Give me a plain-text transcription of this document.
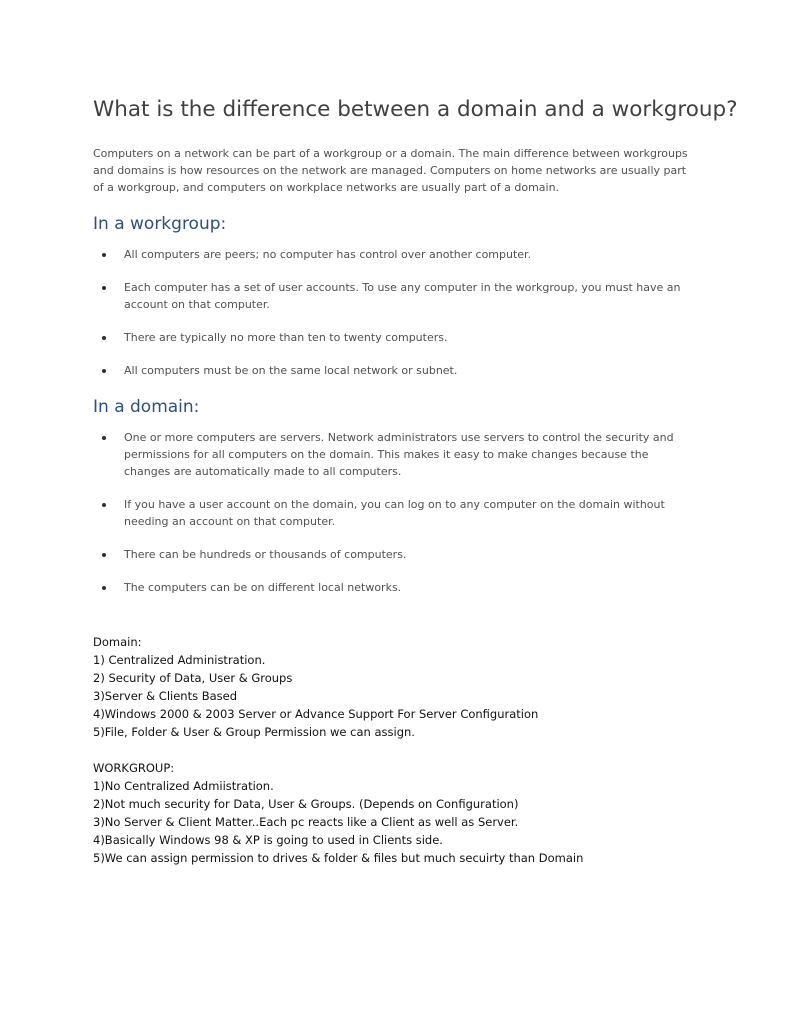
What is the difference between a domain and a workgroup?

Computers on a network can be part of a workgroup or a domain. The main difference between workgroups and domains is how resources on the network are managed. Computers on home networks are usually part of a workgroup, and computers on workplace networks are usually part of a domain.

In a workgroup:
All computers are peers; no computer has control over another computer.
Each computer has a set of user accounts. To use any computer in the workgroup, you must have an account on that computer.
There are typically no more than ten to twenty computers.
All computers must be on the same local network or subnet.
In a domain:
One or more computers are servers. Network administrators use servers to control the security and permissions for all computers on the domain. This makes it easy to make changes because the changes are automatically made to all computers.
If you have a user account on the domain, you can log on to any computer on the domain without needing an account on that computer.
There can be hundreds or thousands of computers.
The computers can be on different local networks.
Domain:
1) Centralized Administration.
2) Security of Data, User & Groups
3)Server & Clients Based
4)Windows 2000 & 2003 Server or Advance Support For Server Configuration
5)File, Folder & User & Group Permission we can assign.
WORKGROUP:
1)No Centralized Admiistration.
2)Not much security for Data, User & Groups. (Depends on Configuration)
3)No Server & Client Matter..Each pc reacts like a Client as well as Server.
4)Basically Windows 98 & XP is going to used in Clients side.
5)We can assign permission to drives & folder & files but much secuirty than Domain
